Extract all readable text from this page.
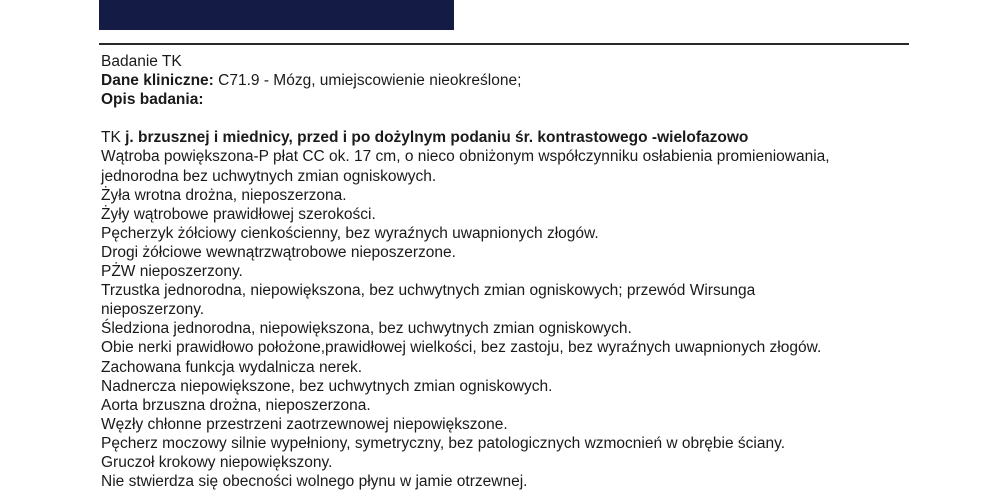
Badanie TK
Dane kliniczne: C71.9 - Mózg, umiejscowienie nieokreślone;
Opis badania:
TK j. brzusznej i miednicy, przed i po dożylnym podaniu śr. kontrastowego -wielofazowo
Wątroba powiększona-P płat CC ok. 17 cm, o nieco obniżonym współczynniku osłabienia promieniowania,
jednorodna bez uchwytnych zmian ogniskowych.
Żyła wrotna drożna, nieposzerzona.
Żyły wątrobowe prawidłowej szerokości.
Pęcherzyk żółciowy cienkościenny, bez wyraźnych uwapnionych złogów.
Drogi żółciowe wewnątrzwątrobowe nieposzerzone.
PŻW nieposzerzony.
Trzustka jednorodna, niepowiększona, bez uchwytnych zmian ogniskowych; przewód Wirsunga
nieposzerzony.
Śledziona jednorodna, niepowiększona, bez uchwytnych zmian ogniskowych.
Obie nerki prawidłowo położone,prawidłowej wielkości, bez zastoju, bez wyraźnych uwapnionych złogów.
Zachowana funkcja wydalnicza nerek.
Nadnercza niepowiększone, bez uchwytnych zmian ogniskowych.
Aorta brzuszna drożna, nieposzerzona.
Węzły chłonne przestrzeni zaotrzewnowej niepowiększone.
Pęcherz moczowy silnie wypełniony, symetryczny, bez patologicznych wzmocnień w obrębie ściany.
Gruczoł krokowy niepowiększony.
Nie stwierdza się obecności wolnego płynu w jamie otrzewnej.
